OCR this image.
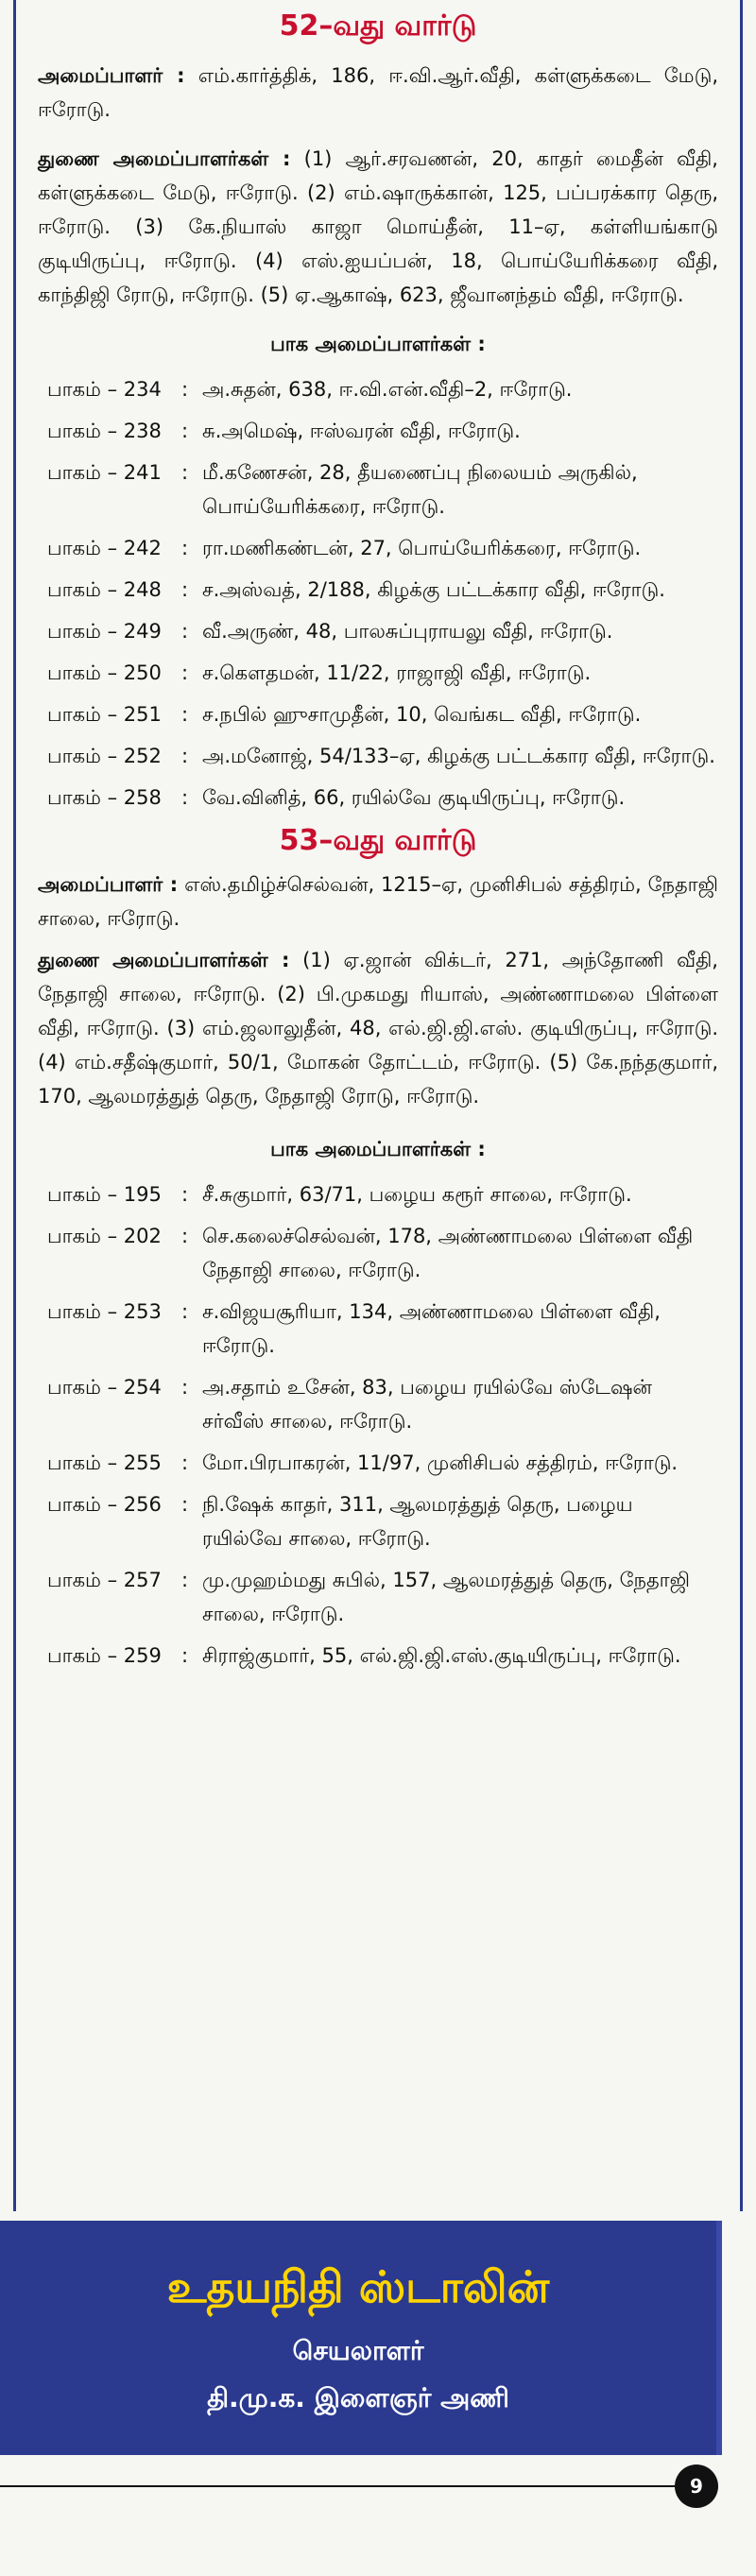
52–வது வார்டு

அமைப்பாளர் : எம்.கார்த்திக், 186, ஈ.வி.ஆர்.வீதி, கள்ளுக்கடை மேடு, ஈரோடு.

துணை அமைப்பாளர்கள் : (1) ஆர்.சரவணன், 20, காதர் மைதீன் வீதி, கள்ளுக்கடை மேடு, ஈரோடு. (2) எம்.ஷாருக்கான், 125, பப்பரக்கார தெரு, ஈரோடு. (3) கே.நியாஸ் காஜா மொய்தீன், 11–ஏ, கள்ளியங்காடு குடியிருப்பு, ஈரோடு. (4) எஸ்.ஐயப்பன், 18, பொய்யேரிக்கரை வீதி, காந்திஜி ரோடு, ஈரோடு. (5) ஏ.ஆகாஷ், 623, ஜீவானந்தம் வீதி, ஈரோடு.

பாக அமைப்பாளர்கள் :

பாகம் – 234	: அ.சுதன், 638, ஈ.வி.என்.வீதி–2, ஈரோடு.
பாகம் – 238	: சு.அமெஷ், ஈஸ்வரன் வீதி, ஈரோடு.
பாகம் – 241	: மீ.கணேசன், 28, தீயணைப்பு நிலையம் அருகில், பொய்யேரிக்கரை, ஈரோடு.
பாகம் – 242	: ரா.மணிகண்டன், 27, பொய்யேரிக்கரை, ஈரோடு.
பாகம் – 248	: ச.அஸ்வத், 2/188, கிழக்கு பட்டக்கார வீதி, ஈரோடு.
பாகம் – 249	: வீ.அருண், 48, பாலசுப்புராயலு வீதி, ஈரோடு.
பாகம் – 250	: ச.கௌதமன், 11/22, ராஜாஜி வீதி, ஈரோடு.
பாகம் – 251	: ச.நபில் ஹுசாமுதீன், 10, வெங்கட வீதி, ஈரோடு.
பாகம் – 252	: அ.மனோஜ், 54/133–ஏ, கிழக்கு பட்டக்கார வீதி, ஈரோடு.
பாகம் – 258	: வே.வினித், 66, ரயில்வே குடியிருப்பு, ஈரோடு.
53–வது வார்டு

அமைப்பாளர் : எஸ்.தமிழ்ச்செல்வன், 1215–ஏ, முனிசிபல் சத்திரம், நேதாஜி சாலை, ஈரோடு.

துணை அமைப்பாளர்கள் : (1) ஏ.ஜான் விக்டர், 271, அந்தோணி வீதி, நேதாஜி சாலை, ஈரோடு. (2) பி.முகமது ரியாஸ், அண்ணாமலை பிள்ளை வீதி, ஈரோடு. (3) எம்.ஜலாலுதீன், 48, எல்.ஜி.ஜி.எஸ். குடியிருப்பு, ஈரோடு. (4) எம்.சதீஷ்குமார், 50/1, மோகன் தோட்டம், ஈரோடு. (5) கே.நந்தகுமார், 170, ஆலமரத்துத் தெரு, நேதாஜி ரோடு, ஈரோடு.

பாக அமைப்பாளர்கள் :

பாகம் – 195	: சீ.சுகுமார், 63/71, பழைய கரூர் சாலை, ஈரோடு.
பாகம் – 202	: செ.கலைச்செல்வன், 178, அண்ணாமலை பிள்ளை வீதி நேதாஜி சாலை, ஈரோடு.
பாகம் – 253	: ச.விஜயசூரியா, 134, அண்ணாமலை பிள்ளை வீதி, ஈரோடு.
பாகம் – 254	: அ.சதாம் உசேன், 83, பழைய ரயில்வே ஸ்டேஷன் சர்வீஸ் சாலை, ஈரோடு.
பாகம் – 255	: மோ.பிரபாகரன், 11/97, முனிசிபல் சத்திரம், ஈரோடு.
பாகம் – 256	: நி.ஷேக் காதர், 311, ஆலமரத்துத் தெரு, பழைய ரயில்வே சாலை, ஈரோடு.
பாகம் – 257	: மு.முஹம்மது சுபில், 157, ஆலமரத்துத் தெரு, நேதாஜி சாலை, ஈரோடு.
பாகம் – 259	: சிராஜ்குமார், 55, எல்.ஜி.ஜி.எஸ்.குடியிருப்பு, ஈரோடு.
உதயநிதி ஸ்டாலின்
செயலாளர்
தி.மு.க. இளைஞர் அணி
9
